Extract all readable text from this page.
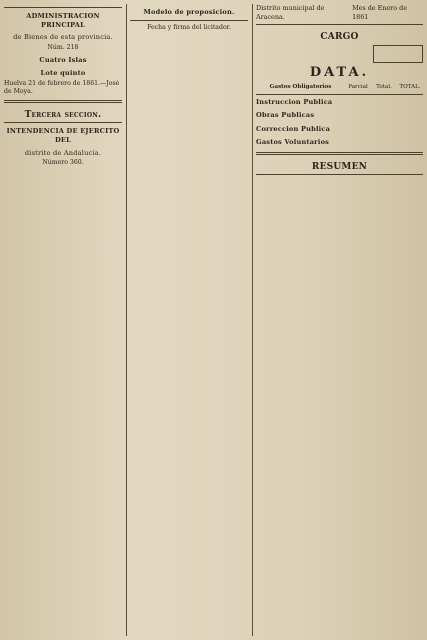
ADMINISTRACION PRINCIPAL
de Bienes de esta provincia.
Núm. 218
Cuatro Islas
Lote quinto

Huelva 21 de febrero de 1861.—José de Moya.

Tercera seccion.
INTENDENCIA DE EJERCITO DEL
distrito de Andalucía.
Número 360.
Modelo de proposicion.

Fecha y firma del licitador.

Distrito municipal de Aracena.
Mes de Enero de 1861
CARGO
DATA.
Gastos Obligatorios	Parcial	Total.	TOTAL.
Instruccion Publica
Obras Publicas
Correccion Publica
Gastos Voluntarios
RESUMEN
